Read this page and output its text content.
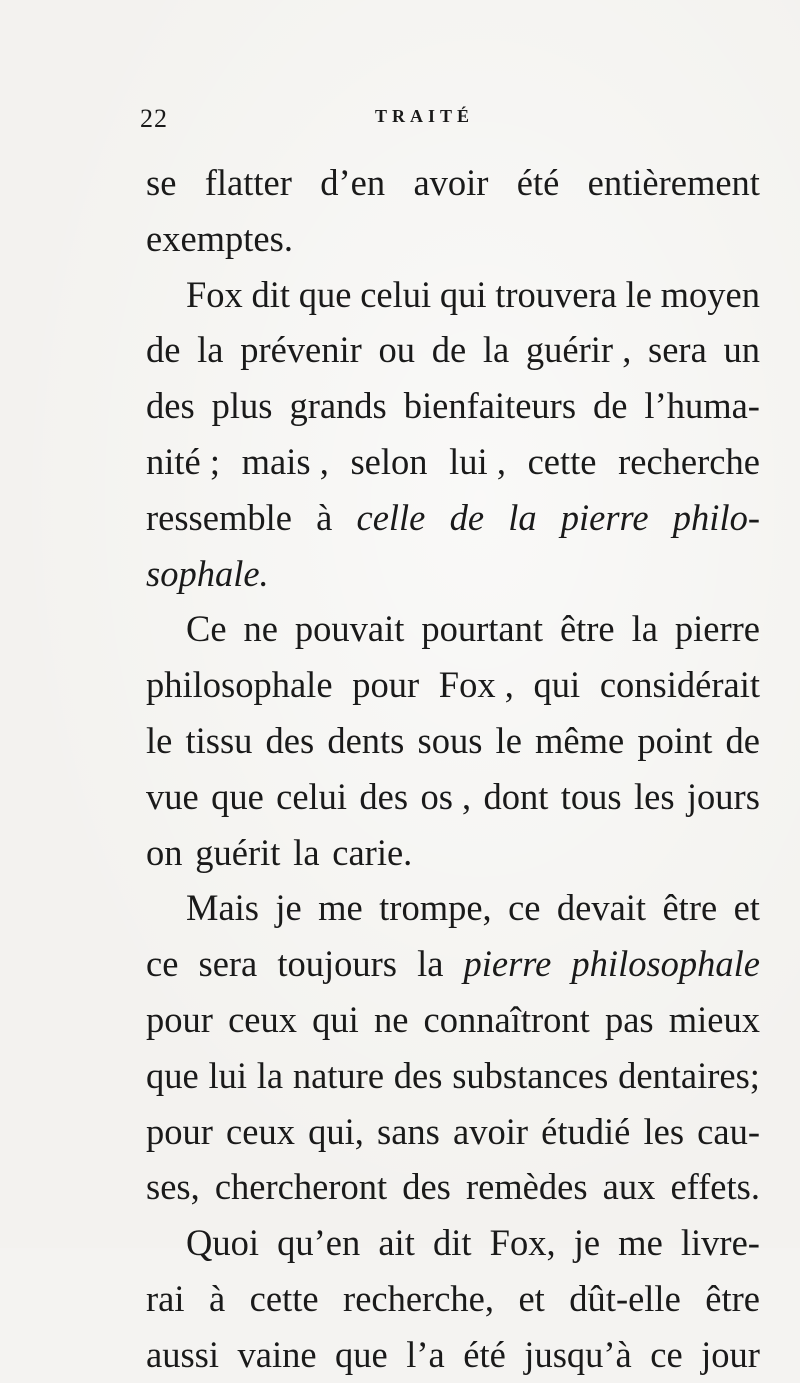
22	TRAITÉ
se flatter d’en avoir été entièrement
exemptes.
Fox dit que celui qui trouvera le moyen
de la prévenir ou de la guérir , sera un
des plus grands bienfaiteurs de l’huma-
nité ; mais , selon lui , cette recherche
ressemble à celle de la pierre philo-
sophale.
Ce ne pouvait pourtant être la pierre
philosophale pour Fox , qui considérait
le tissu des dents sous le même point de
vue que celui des os , dont tous les jours
on guérit la carie.
Mais je me trompe, ce devait être et
ce sera toujours la pierre philosophale
pour ceux qui ne connaîtront pas mieux
que lui la nature des substances dentaires;
pour ceux qui, sans avoir étudié les cau-
ses, chercheront des remèdes aux effets.
Quoi qu’en ait dit Fox, je me livre-
rai à cette recherche, et dût-elle être
aussi vaine que l’a été jusqu’à ce jour
